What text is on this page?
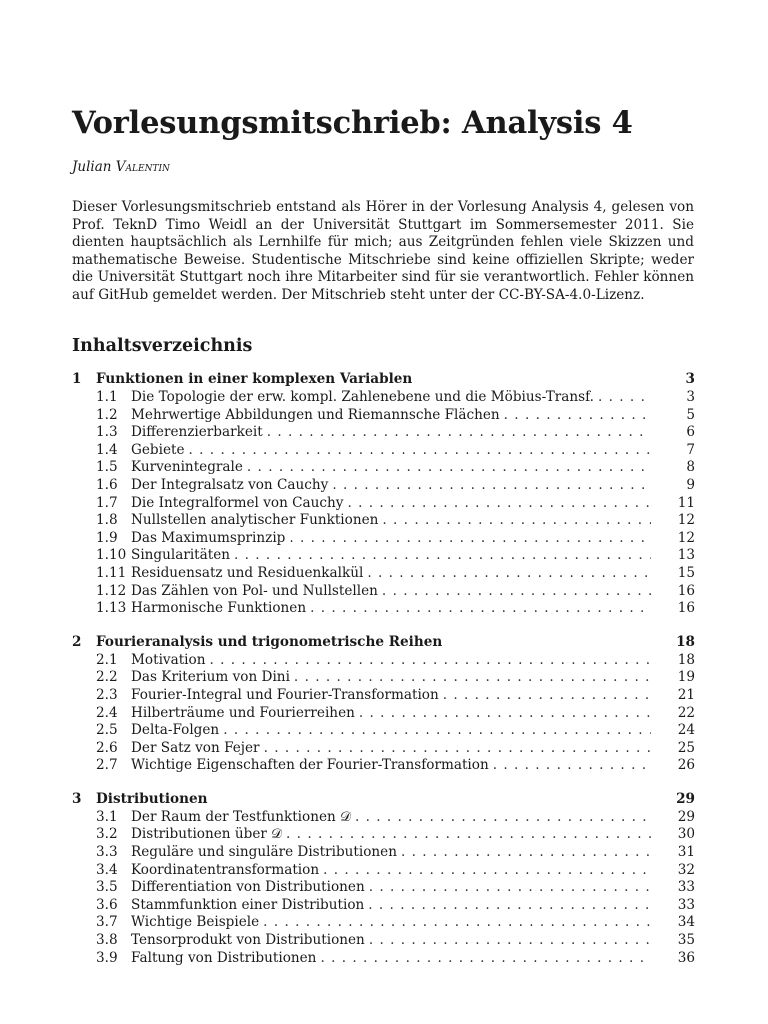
Vorlesungsmitschrieb: Analysis 4
Julian Valentin

Dieser Vorlesungsmitschrieb entstand als Hörer in der Vorlesung Analysis 4, gelesen von Prof. TeknD Timo Weidl an der Universität Stuttgart im Sommersemester 2011. Sie dienten hauptsächlich als Lernhilfe für mich; aus Zeitgründen fehlen viele Skizzen und mathematische Beweise. Studentische Mitschriebe sind keine offiziellen Skripte; weder die Universität Stuttgart noch ihre Mitarbeiter sind für sie verantwortlich. Fehler können auf GitHub gemeldet werden. Der Mitschrieb steht unter der CC-BY-SA-4.0-Lizenz.

Inhaltsverzeichnis
1	Funktionen in einer komplexen Variablen	3
1.1 Die Topologie der erw. kompl. Zahlenebene und die Möbius-Transf. . . .	3
1.2 Mehrwertige Abbildungen und Riemannsche Flächen . . .	5
1.3 Differenzierbarkeit . . .	6
1.4 Gebiete . . .	7
1.5 Kurvenintegrale . . .	8
1.6 Der Integralsatz von Cauchy . . .	9
1.7 Die Integralformel von Cauchy . . .	11
1.8 Nullstellen analytischer Funktionen . . .	12
1.9 Das Maximumsprinzip . . .	12
1.10 Singularitäten . . .	13
1.11 Residuensatz und Residuenkalkül . . .	15
1.12 Das Zählen von Pol- und Nullstellen . . .	16
1.13 Harmonische Funktionen . . .	16
2	Fourieranalysis und trigonometrische Reihen	18
2.1 Motivation . . .	18
2.2 Das Kriterium von Dini . . .	19
2.3 Fourier-Integral und Fourier-Transformation . . .	21
2.4 Hilberträume und Fourierreihen . . .	22
2.5 Delta-Folgen . . .	24
2.6 Der Satz von Fejer . . .	25
2.7 Wichtige Eigenschaften der Fourier-Transformation . . .	26
3	Distributionen	29
3.1 Der Raum der Testfunktionen 𝒟 . . .	29
3.2 Distributionen über 𝒟 . . .	30
3.3 Reguläre und singuläre Distributionen . . .	31
3.4 Koordinatentransformation . . .	32
3.5 Differentiation von Distributionen . . .	33
3.6 Stammfunktion einer Distribution . . .	33
3.7 Wichtige Beispiele . . .	34
3.8 Tensorprodukt von Distributionen . . .	35
3.9 Faltung von Distributionen . . .	36
